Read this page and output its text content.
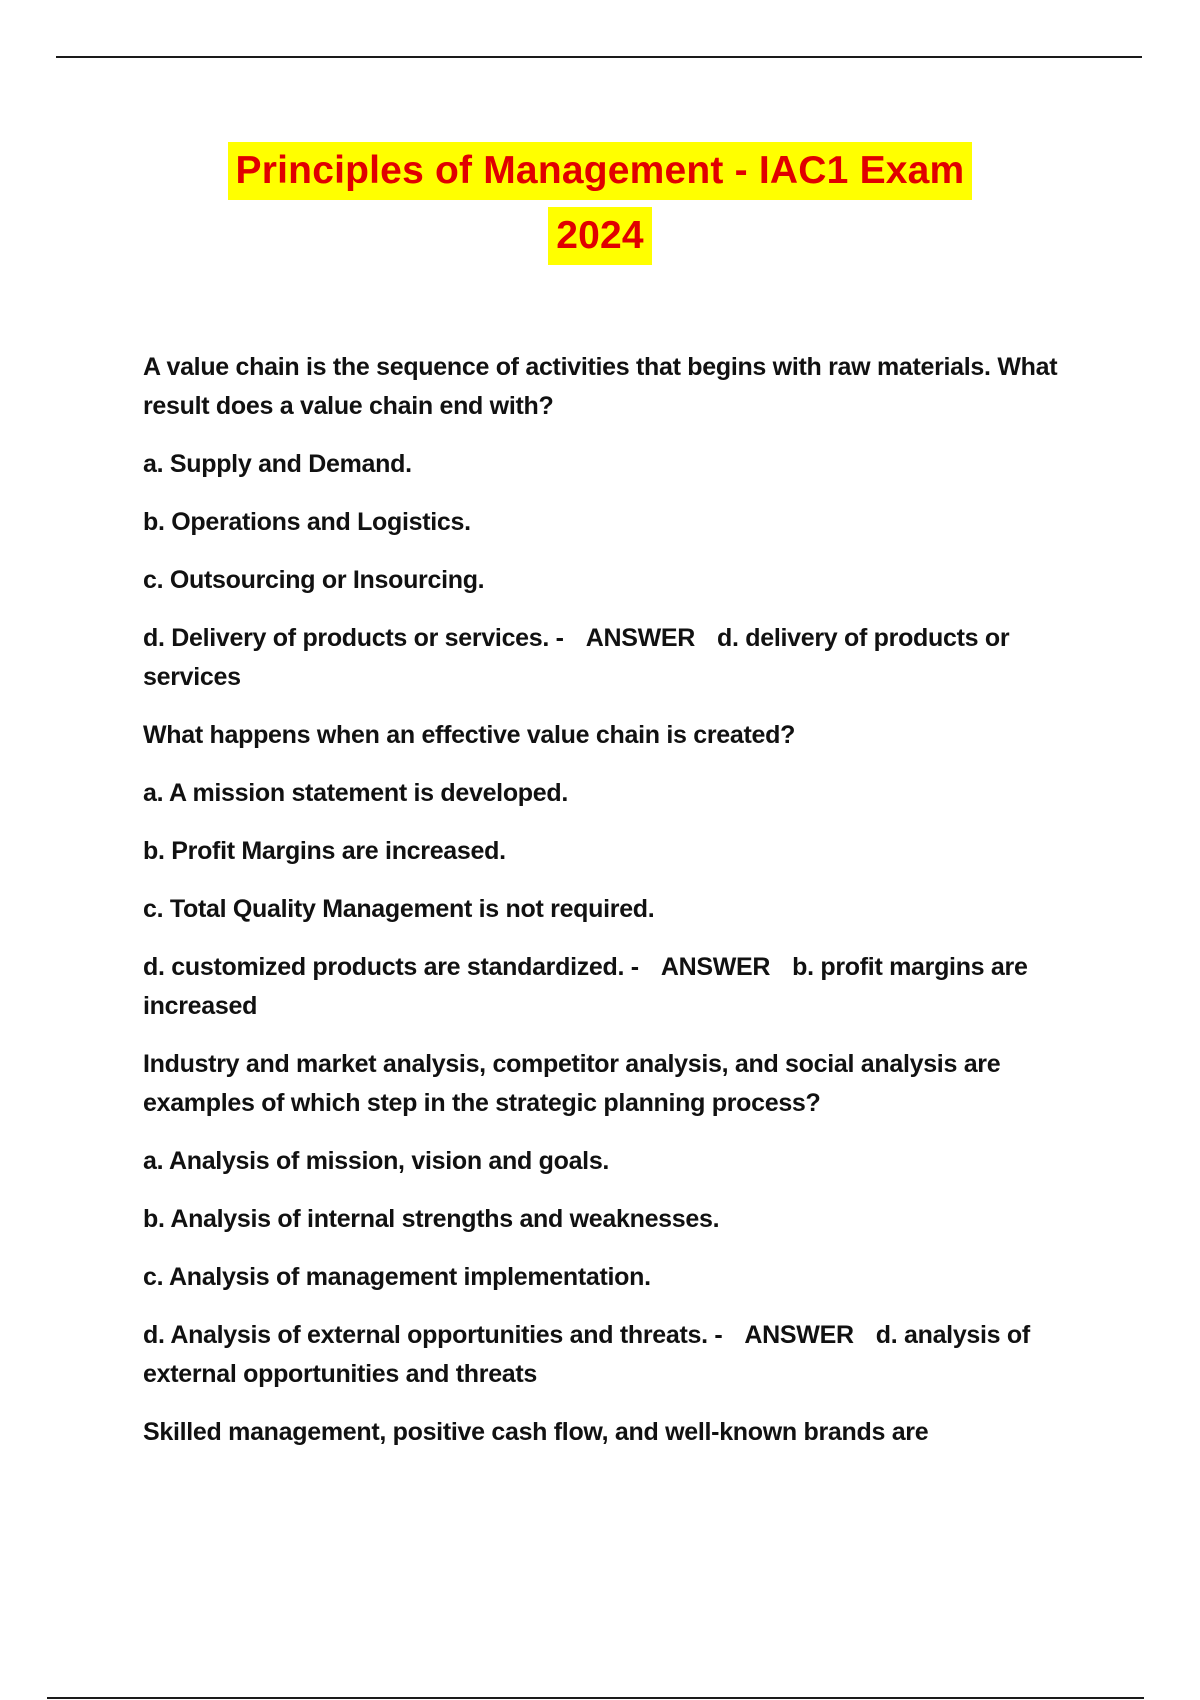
Principles of Management - IAC1 Exam
2024

A value chain is the sequence of activities that begins with raw materials. What result does a value chain end with?

a. Supply and Demand.

b. Operations and Logistics.

c. Outsourcing or Insourcing.

d. Delivery of products or services. - ANSWER d. delivery of products or services

What happens when an effective value chain is created?

a. A mission statement is developed.

b. Profit Margins are increased.

c. Total Quality Management is not required.

d. customized products are standardized. - ANSWER b. profit margins are increased

Industry and market analysis, competitor analysis, and social analysis are examples of which step in the strategic planning process?

a. Analysis of mission, vision and goals.

b. Analysis of internal strengths and weaknesses.

c. Analysis of management implementation.

d. Analysis of external opportunities and threats. - ANSWER d. analysis of external opportunities and threats

Skilled management, positive cash flow, and well-known brands are
